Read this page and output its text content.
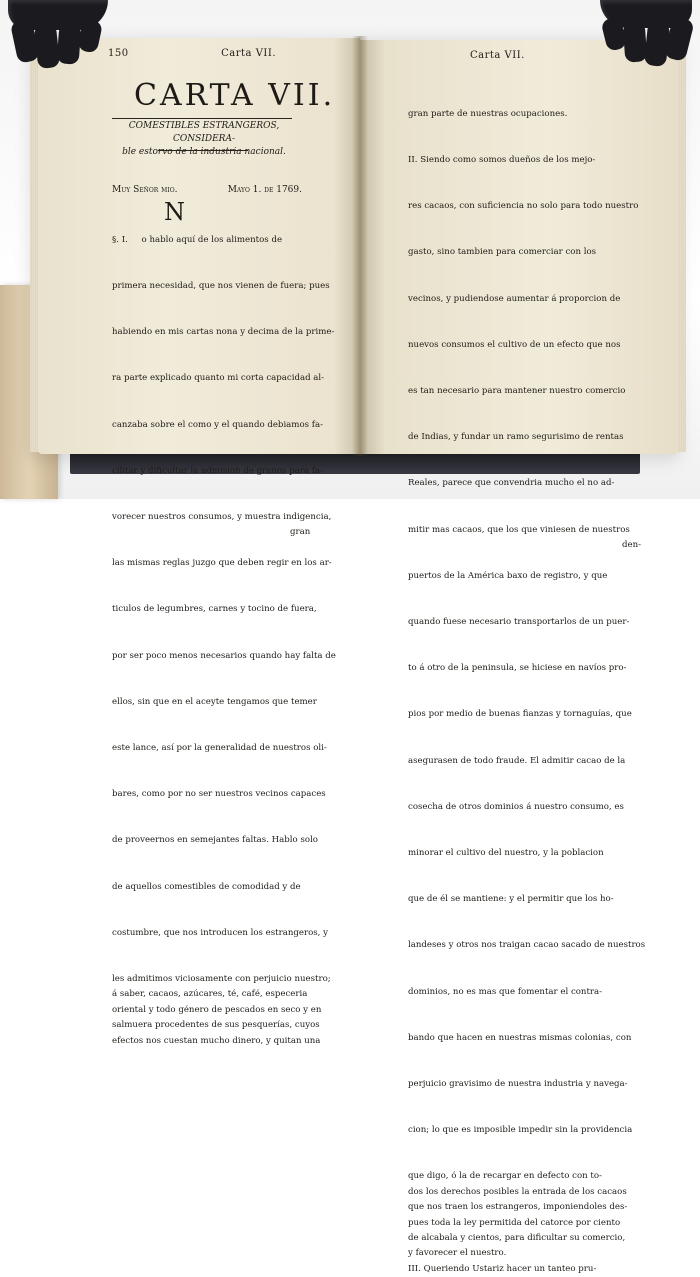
150	Carta VII.
CARTA VII.
COMESTIBLES ESTRANGEROS, CONSIDERA-
ble estorvo de la industria nacional.
Muy Señor mio.	Mayo 1. de 1769.
N

§. I.     o hablo aquí de los alimentos de

primera necesidad, que nos vienen de fuera; pues

habiendo en mis cartas nona y decima de la prime-

ra parte explicado quanto mi corta capacidad al-

canzaba sobre el como y el quando debiamos fa-

cilitar y dificultar la admision de granos para fa-

vorecer nuestros consumos, y muestra indigencia,

las mismas reglas juzgo que deben regir en los ar-

ticulos de legumbres, carnes y tocino de fuera,

por ser poco menos necesarios quando hay falta de

ellos, sin que en el aceyte tengamos que temer

este lance, así por la generalidad de nuestros oli-

bares, como por no ser nuestros vecinos capaces

de proveernos en semejantes faltas. Hablo solo

de aquellos comestibles de comodidad y de

costumbre, que nos introducen los estrangeros, y

les admitimos viciosamente con perjuicio nuestro;
á saber, cacaos, azúcares, té, café, especeria
oriental y todo género de pescados en seco y en
salmuera procedentes de sus pesquerías, cuyos
efectos nos cuestan mucho dinero, y quitan una
gran
Carta VII.

gran parte de nuestras ocupaciones.

II. Siendo como somos dueños de los mejo-

res cacaos, con suficiencia no solo para todo nuestro

gasto, sino tambien para comerciar con los

vecinos, y pudiendose aumentar á proporcion de

nuevos consumos el cultivo de un efecto que nos

es tan necesario para mantener nuestro comercio

de Indias, y fundar un ramo segurisimo de rentas

Reales, parece que convendria mucho el no ad-

mitir mas cacaos, que los que viniesen de nuestros

puertos de la América baxo de registro, y que

quando fuese necesario transportarlos de un puer-

to á otro de la peninsula, se hiciese en navíos pro-

pios por medio de buenas fianzas y tornaguías, que

asegurasen de todo fraude. El admitir cacao de la

cosecha de otros dominios á nuestro consumo, es

minorar el cultivo del nuestro, y la poblacion

que de él se mantiene: y el permitir que los ho-

landeses y otros nos traigan cacao sacado de nuestros

dominios, no es mas que fomentar el contra-

bando que hacen en nuestras mismas colonias, con

perjuicio gravisimo de nuestra industria y navega-

cion; lo que es imposible impedir sin la providencia

que digo, ó la de recargar en defecto con to-
dos los derechos posibles la entrada de los cacaos
que nos traen los estrangeros, imponiendoles des-
pues toda la ley permitida del catorce por ciento
de alcabala y cientos, para dificultar su comercio,
y favorecer el nuestro.
III. Queriendo Ustariz hacer un tanteo pru-
den-
